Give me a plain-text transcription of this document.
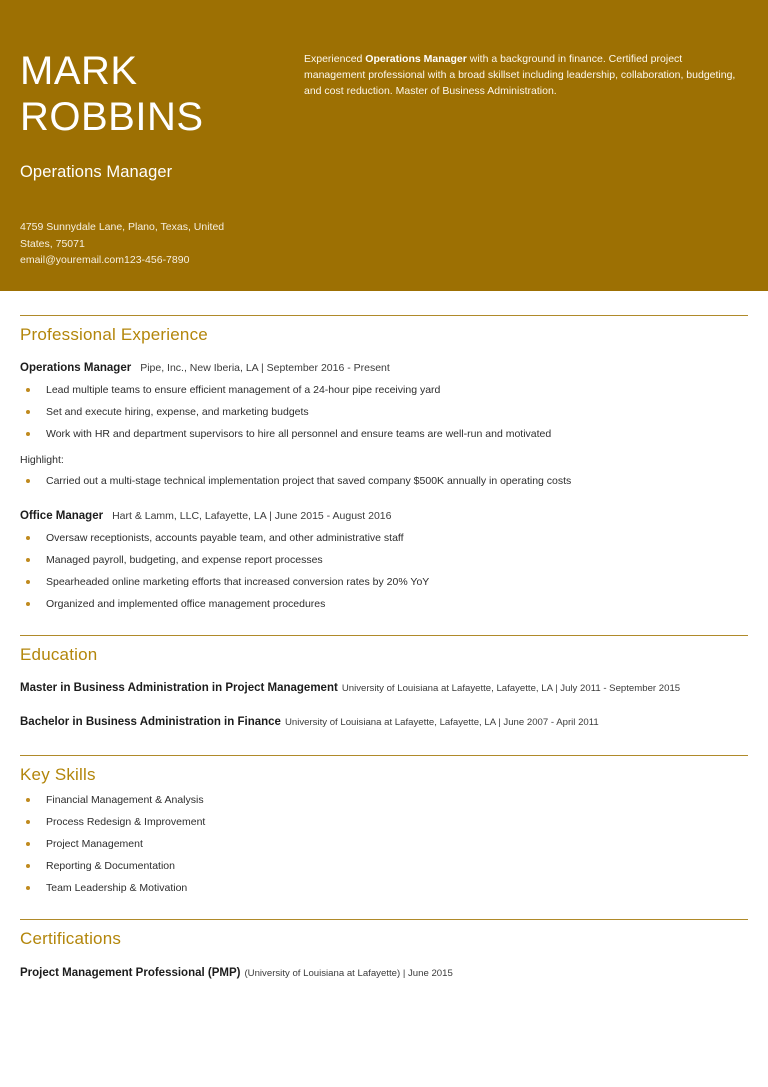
MARK
ROBBINS
Operations Manager
4759 Sunnydale Lane, Plano, Texas, United
States, 75071
email@youremail.com123-456-7890

Experienced Operations Manager with a background in finance. Certified project management professional with a broad skillset including leadership, collaboration, budgeting, and cost reduction. Master of Business Administration.

Professional Experience
Operations Manager Pipe, Inc., New Iberia, LA | September 2016 - Present
Lead multiple teams to ensure efficient management of a 24-hour pipe receiving yard
Set and execute hiring, expense, and marketing budgets
Work with HR and department supervisors to hire all personnel and ensure teams are well-run and motivated
Highlight:
Carried out a multi-stage technical implementation project that saved company $500K annually in operating costs
Office Manager Hart & Lamm, LLC, Lafayette, LA | June 2015 - August 2016
Oversaw receptionists, accounts payable team, and other administrative staff
Managed payroll, budgeting, and expense report processes
Spearheaded online marketing efforts that increased conversion rates by 20% YoY
Organized and implemented office management procedures
Education
Master in Business Administration in Project Management University of Louisiana at Lafayette, Lafayette, LA | July 2011 - September 2015
Bachelor in Business Administration in Finance University of Louisiana at Lafayette, Lafayette, LA | June 2007 - April 2011
Key Skills
Financial Management & Analysis
Process Redesign & Improvement
Project Management
Reporting & Documentation
Team Leadership & Motivation
Certifications
Project Management Professional (PMP) (University of Louisiana at Lafayette) | June 2015
